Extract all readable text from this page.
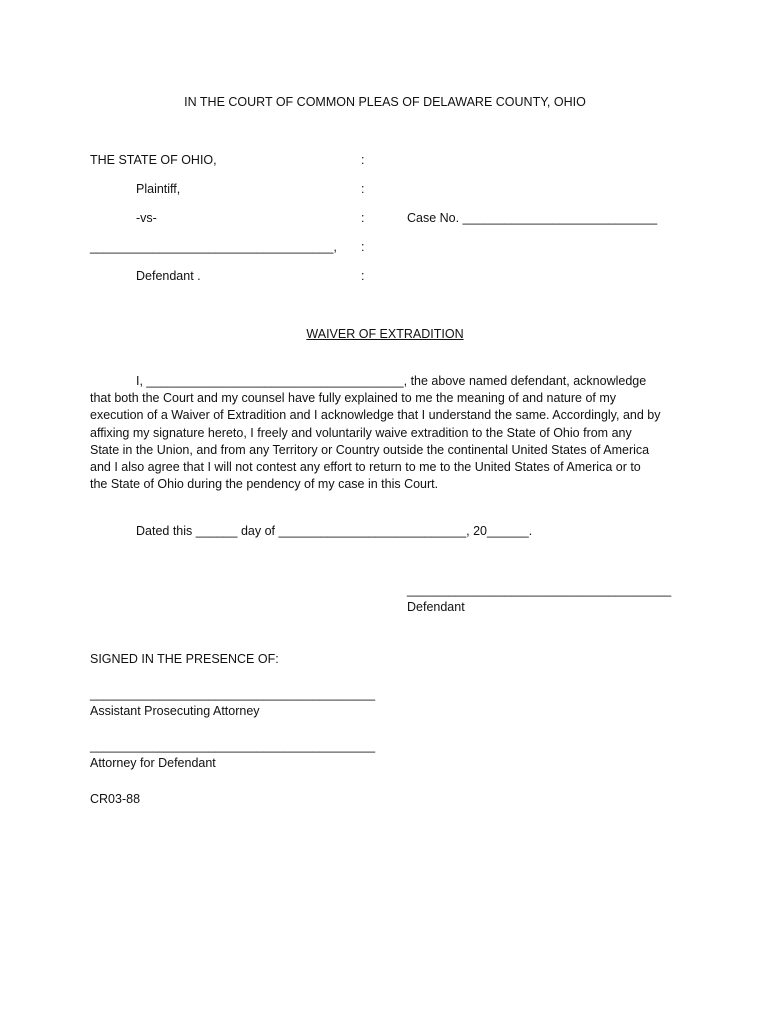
IN THE COURT OF COMMON PLEAS OF DELAWARE COUNTY, OHIO
THE STATE OF OHIO,	:
Plaintiff,	:
-vs-	:	Case No. ____________________________
___________________________________, :
Defendant .	:
WAIVER OF EXTRADITION
I, _____________________________________, the above named defendant, acknowledge
that both the Court and my counsel have fully explained to me the meaning of and nature of my
execution of a Waiver of Extradition and I acknowledge that I understand the same. Accordingly, and by
affixing my signature hereto, I freely and voluntarily waive extradition to the State of Ohio from any
State in the Union, and from any Territory or Country outside the continental United States of America
and I also agree that I will not contest any effort to return to me to the United States of America or to
the State of Ohio during the pendency of my case in this Court.
Dated this ______ day of ___________________________, 20______.
______________________________________
Defendant
SIGNED IN THE PRESENCE OF:
_________________________________________
Assistant Prosecuting Attorney
_________________________________________
Attorney for Defendant
CR03-88
